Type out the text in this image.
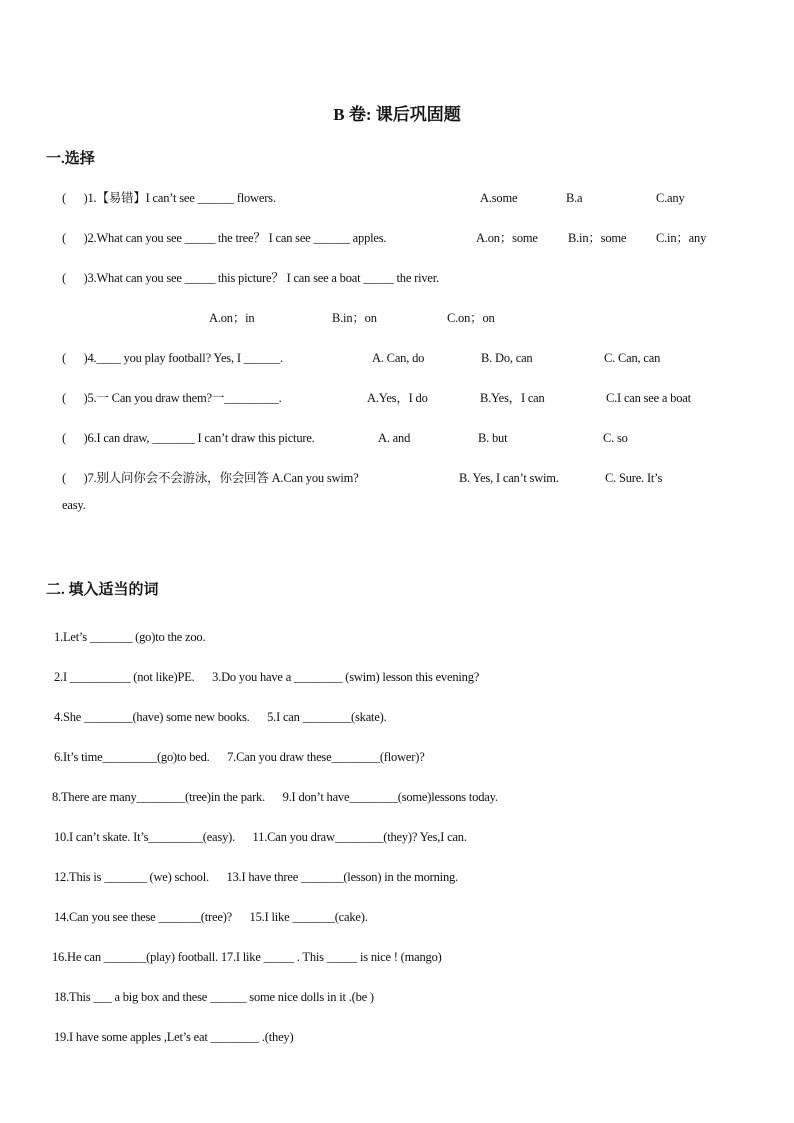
B 卷: 课后巩固题
一.选择
(      )1.【易错】I can’t see ______ flowers.	A.some	B.a	C.any
(      )2.What can you see _____ the tree？ I can see ______ apples.	A.on；some B.in；some C.in；any
(      )3.What can you see _____ this picture？ I can see a boat _____ the river.
A.on；in	B.in；on	C.on；on
(      )4.____ you play football? Yes, I ______.	A. Can, do	B. Do, can	C. Can, can
(      )5.一 Can you draw them?一_________.	A.Yes，I do	B.Yes，I can	C.I can see a boat
(      )6.I can draw, _______ I can’t draw this picture.	A. and	B. but	C. so
(      )7.别人问你会不会游泳，你会回答 A.Can you swim?	B. Yes, I can’t swim.	C. Sure. It’s
easy.
二. 填入适当的词
1.Let’s _______ (go)to the zoo.
2.I __________ (not like)PE.      3.Do you have a ________ (swim) lesson this evening?
4.She ________(have) some new books.      5.I can ________(skate).
6.It’s time_________(go)to bed.      7.Can you draw these________(flower)?
8.There are many________(tree)in the park.      9.I don’t have________(some)lessons today.
10.I can’t skate. It’s_________(easy).      11.Can you draw________(they)? Yes,I can.
12.This is _______ (we) school.      13.I have three _______(lesson) in the morning.
14.Can you see these _______(tree)?      15.I like _______(cake).
16.He can _______(play) football. 17.I like _____ . This _____ is nice ! (mango)
18.This ___ a big box and these ______ some nice dolls in it .(be )
19.I have some apples ,Let’s eat ________ .(they)
